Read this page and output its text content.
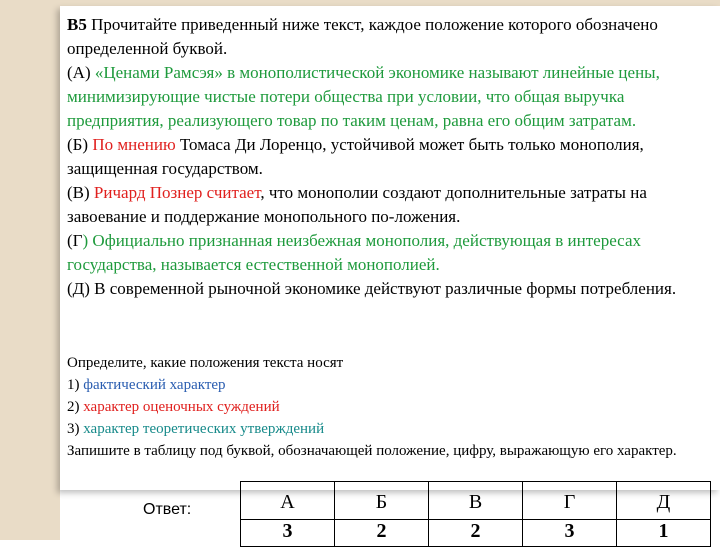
В5 Прочитайте приведенный ниже текст, каждое положение которого обозначено определенной буквой.

(А) «Ценами Рамсэя» в монополистической экономике называют линейные цены, минимизирующие чистые потери общества при условии, что общая выручка предприятия, реализующего товар по таким ценам, равна его общим затратам.

(Б) По мнению Томаса Ди Лоренцо, устойчивой может быть только монополия, защищенная государством.

(В) Ричард Познер считает, что монополии создают дополнительные затраты на завоевание и поддержание монопольного по-ложения.

(Г) Официально признанная неизбежная монополия, действующая в интересах государства, называется естественной монополией.

(Д) В современной рыночной экономике действуют различные формы потребления.

Определите, какие положения текста носят

1) фактический характер

2) характер оценочных суждений

3) характер теоретических утверждений

Запишите в таблицу под буквой, обозначающей положение, цифру, выражающую его характер.

Ответ:	А	Б	В	Г	Д
3	2	2	3	1
